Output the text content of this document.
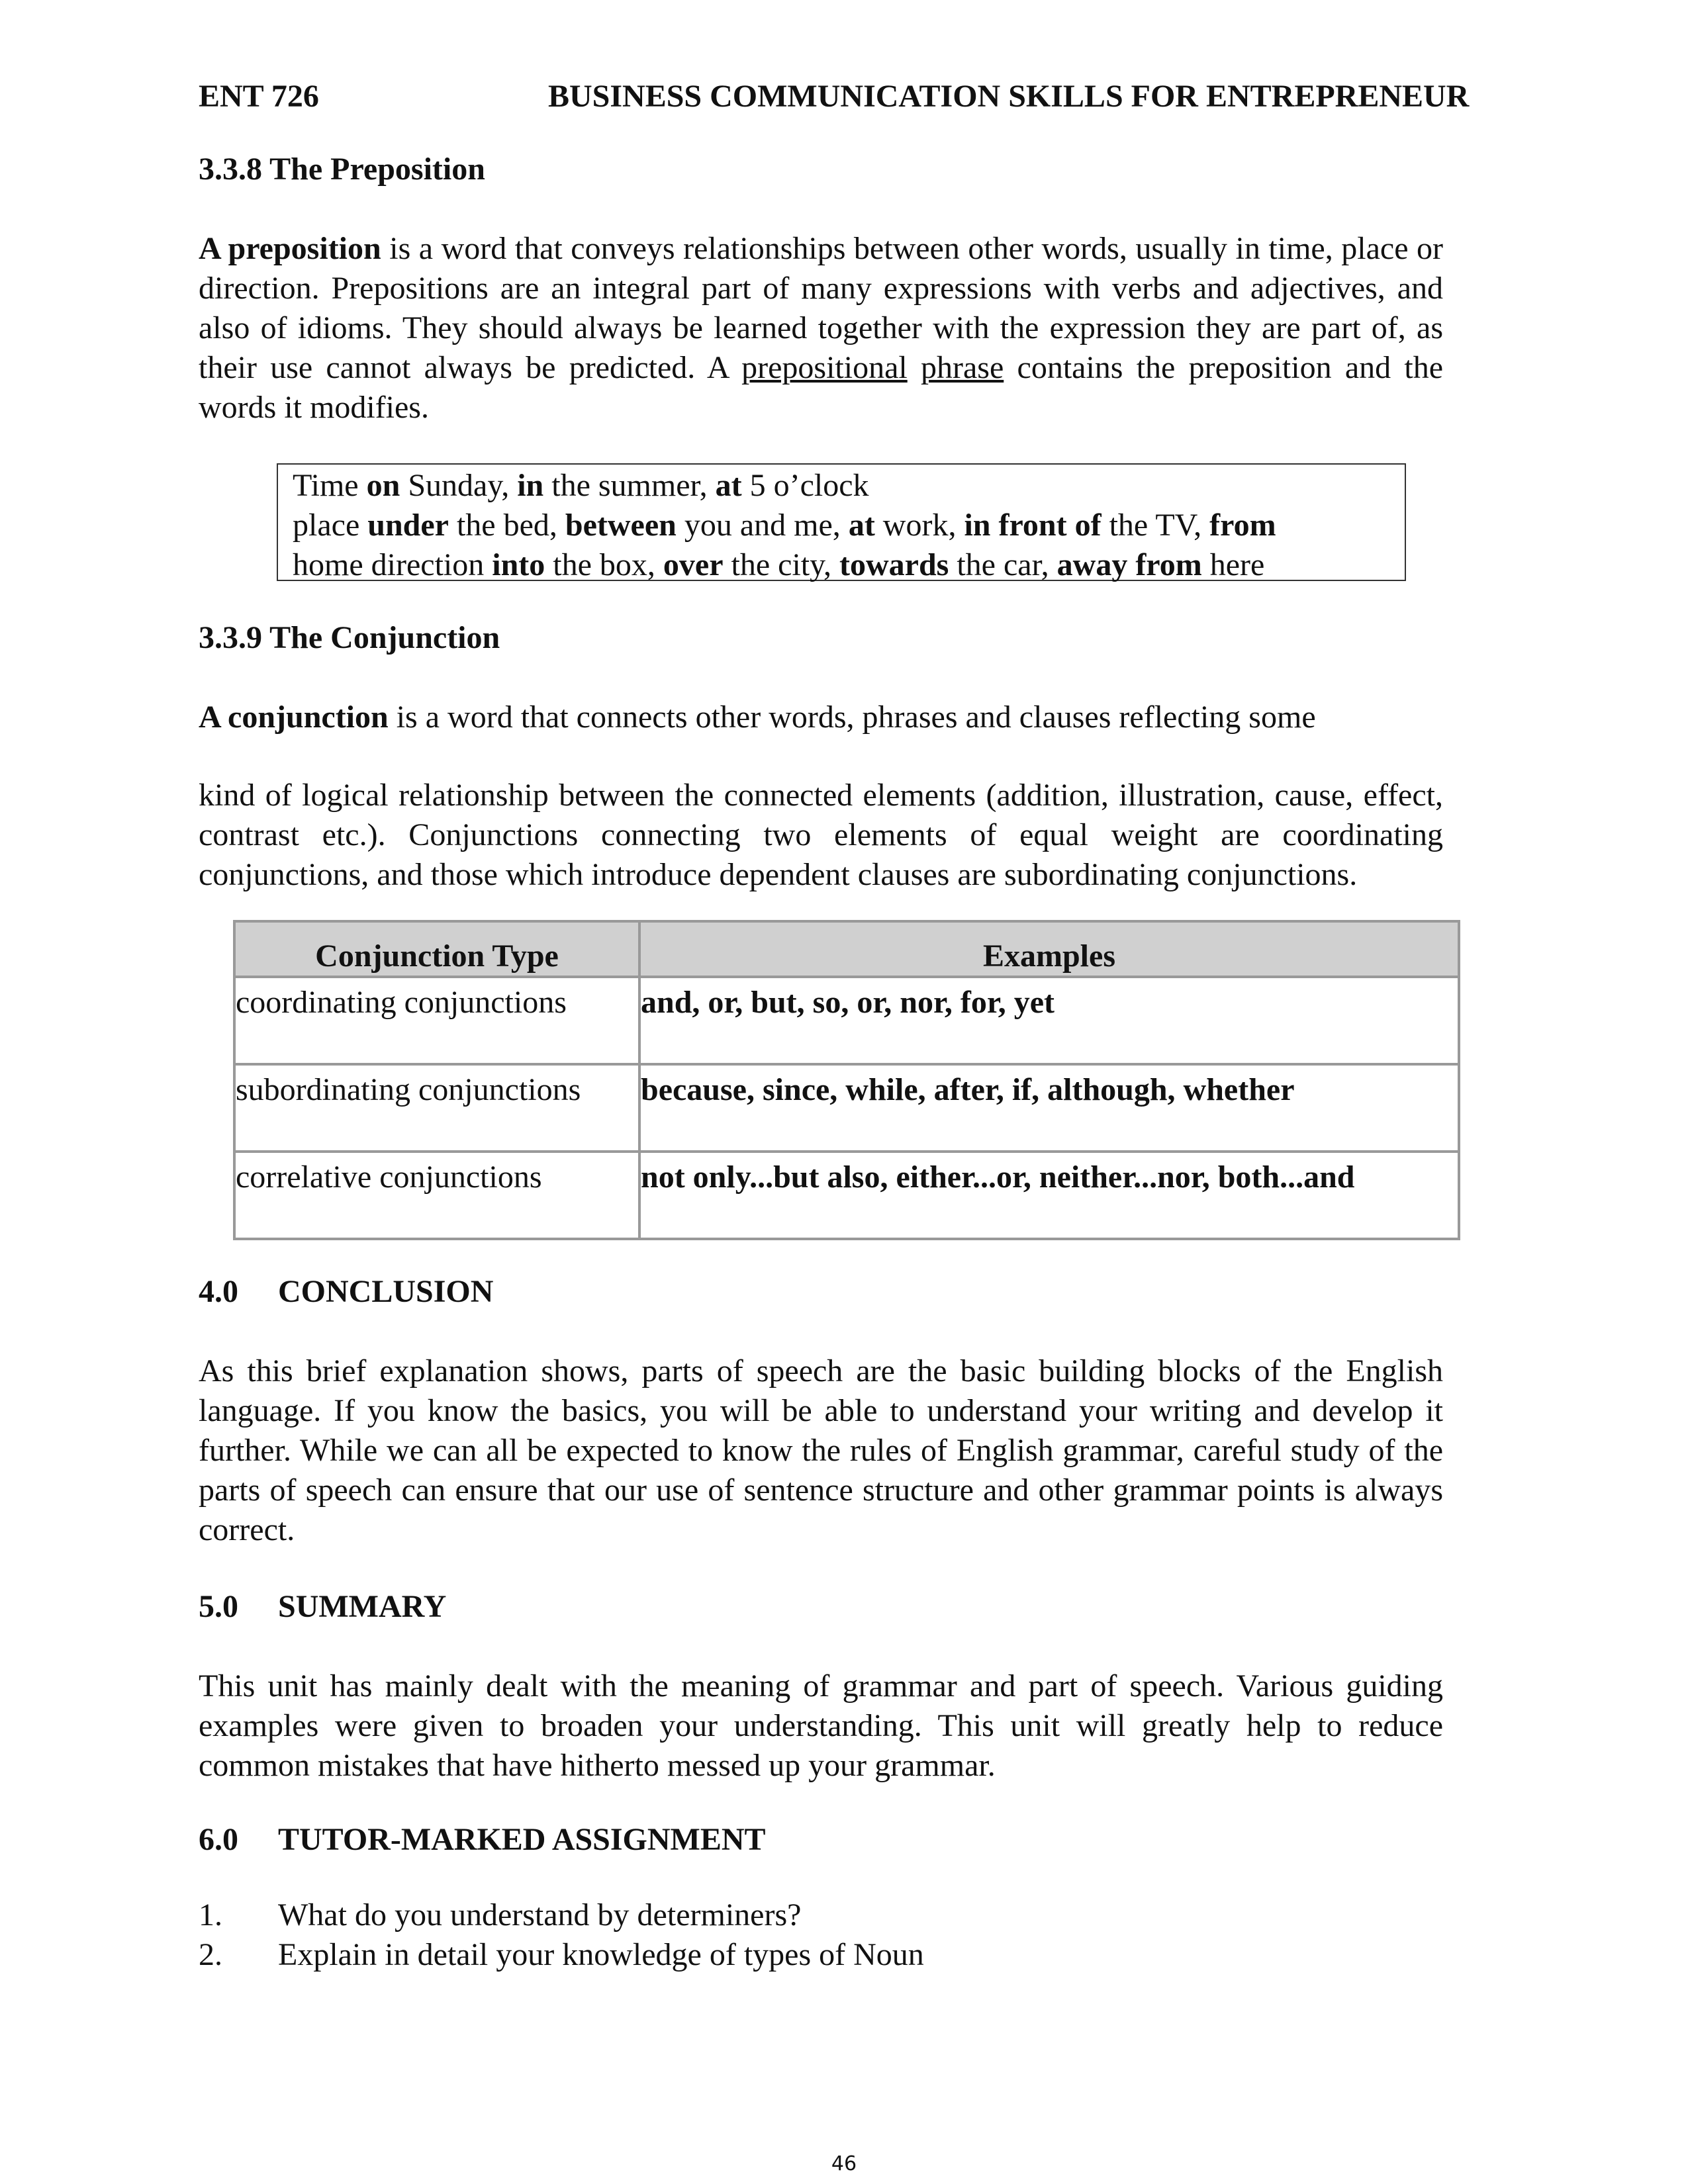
ENT 726	BUSINESS COMMUNICATION SKILLS FOR ENTREPRENEUR
3.3.8 The Preposition
A preposition is a word that conveys relationships between other words, usually in time, place or direction. Prepositions are an integral part of many expressions with verbs and adjectives, and also of idioms. They should always be learned together with the expression they are part of, as their use cannot always be predicted. A prepositional phrase contains the preposition and the words it modifies.
Time on Sunday, in the summer, at 5 o’clock
place under the bed, between you and me, at work, in front of the TV, from
home direction into the box, over the city, towards the car, away from here
3.3.9 The Conjunction
A conjunction is a word that connects other words, phrases and clauses reflecting some
kind of logical relationship between the connected elements (addition, illustration, cause, effect, contrast etc.). Conjunctions connecting two elements of equal weight are coordinating conjunctions, and those which introduce dependent clauses are subordinating conjunctions.
Conjunction Type	Examples
coordinating conjunctions	and, or, but, so, or, nor, for, yet
subordinating conjunctions	because, since, while, after, if, although, whether
correlative conjunctions	not only...but also, either...or, neither...nor, both...and
4.0 CONCLUSION
As this brief explanation shows, parts of speech are the basic building blocks of the English language. If you know the basics, you will be able to understand your writing and develop it further. While we can all be expected to know the rules of English grammar, careful study of the parts of speech can ensure that our use of sentence structure and other grammar points is always correct.
5.0 SUMMARY
This unit has mainly dealt with the meaning of grammar and part of speech. Various guiding examples were given to broaden your understanding. This unit will greatly help to reduce common mistakes that have hitherto messed up your grammar.
6.0 TUTOR-MARKED ASSIGNMENT
1. What do you understand by determiners?
2. Explain in detail your knowledge of types of Noun
46
